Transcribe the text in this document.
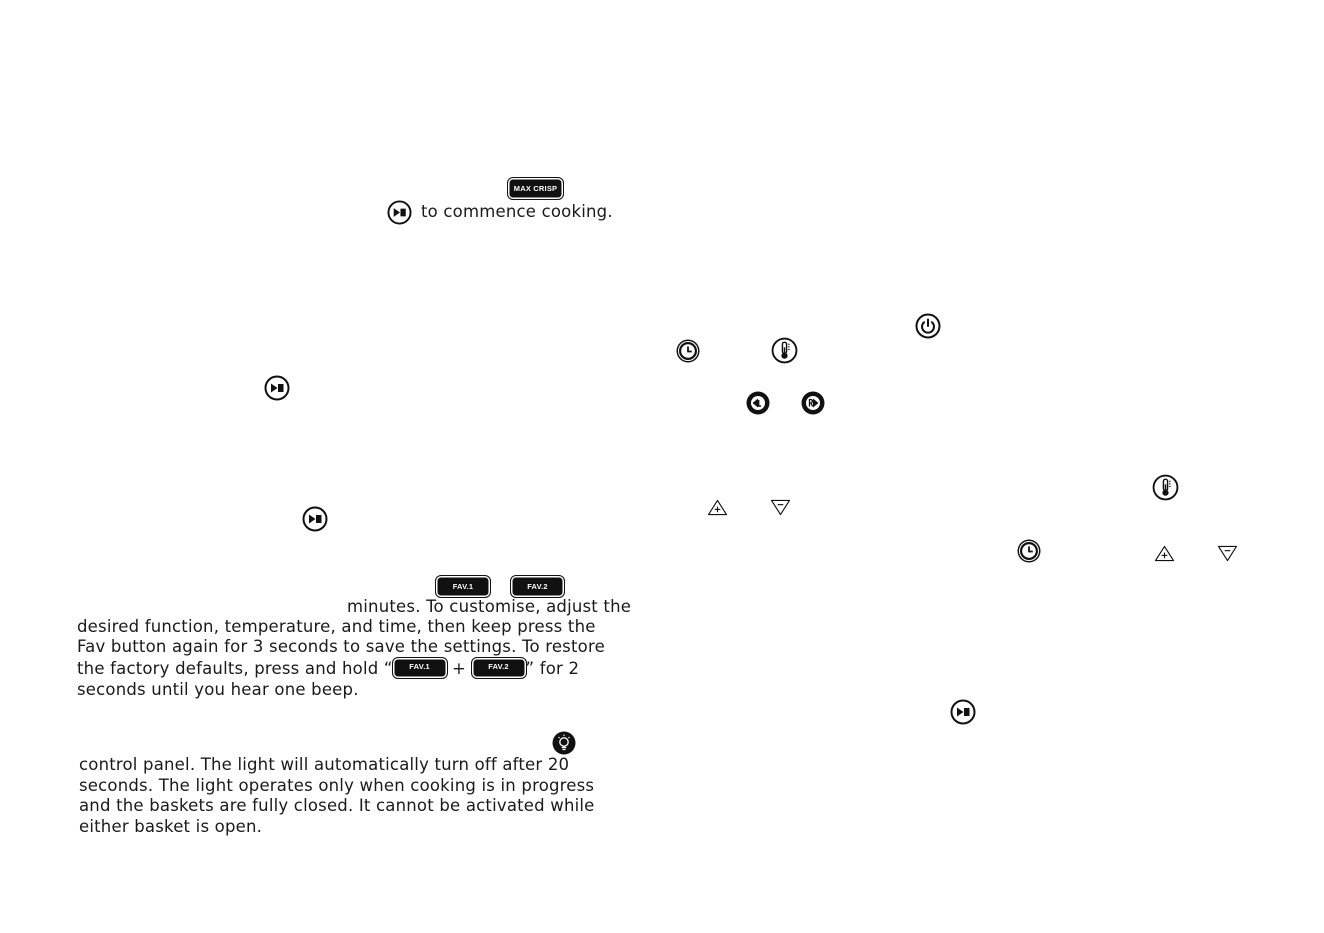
MAX CRISP
to commence cooking.
FAV.1	FAV.2
minutes. To customise, adjust the
desired function, temperature, and time, then keep press the
Fav button again for 3 seconds to save the settings. To restore
the factory defaults, press and hold “ FAV.1 + FAV.2 ” for 2
seconds until you hear one beep.
control panel. The light will automatically turn off after 20
seconds. The light operates only when cooking is in progress
and the baskets are fully closed. It cannot be activated while
either basket is open.
